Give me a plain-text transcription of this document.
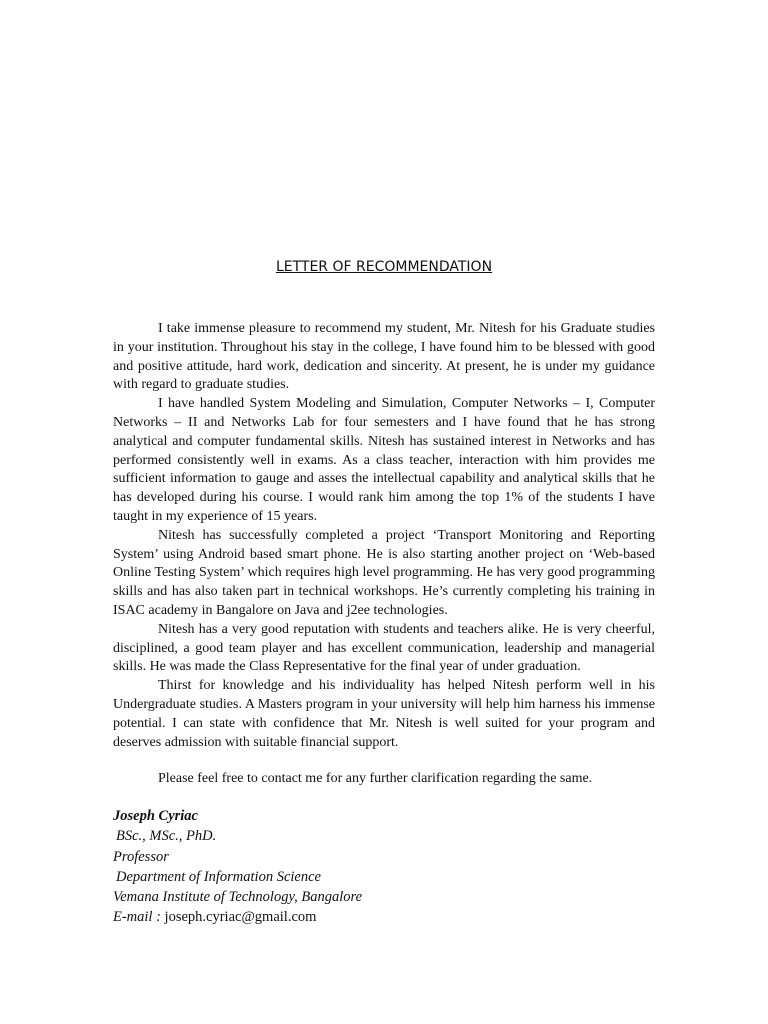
LETTER OF RECOMMENDATION

I take immense pleasure to recommend my student, Mr. Nitesh for his Graduate studies in your institution. Throughout his stay in the college, I have found him to be blessed with good and positive attitude, hard work, dedication and sincerity. At present, he is under my guidance with regard to graduate studies.

I have handled System Modeling and Simulation, Computer Networks – I, Computer Networks – II and Networks Lab for four semesters and I have found that he has strong analytical and computer fundamental skills. Nitesh has sustained interest in Networks and has performed consistently well in exams. As a class teacher, interaction with him provides me sufficient information to gauge and asses the intellectual capability and analytical skills that he has developed during his course. I would rank him among the top 1% of the students I have taught in my experience of 15 years.

Nitesh has successfully completed a project ‘Transport Monitoring and Reporting System’ using Android based smart phone. He is also starting another project on ‘Web-based Online Testing System’ which requires high level programming. He has very good programming skills and has also taken part in technical workshops. He’s currently completing his training in ISAC academy in Bangalore on Java and j2ee technologies.

Nitesh has a very good reputation with students and teachers alike. He is very cheerful, disciplined, a good team player and has excellent communication, leadership and managerial skills. He was made the Class Representative for the final year of under graduation.

Thirst for knowledge and his individuality has helped Nitesh perform well in his Undergraduate studies. A Masters program in your university will help him harness his immense potential. I can state with confidence that Mr. Nitesh is well suited for your program and deserves admission with suitable financial support.

Please feel free to contact me for any further clarification regarding the same.
Joseph Cyriac
BSc., MSc., PhD.
Professor
Department of Information Science
Vemana Institute of Technology, Bangalore
E-mail : joseph.cyriac@gmail.com
